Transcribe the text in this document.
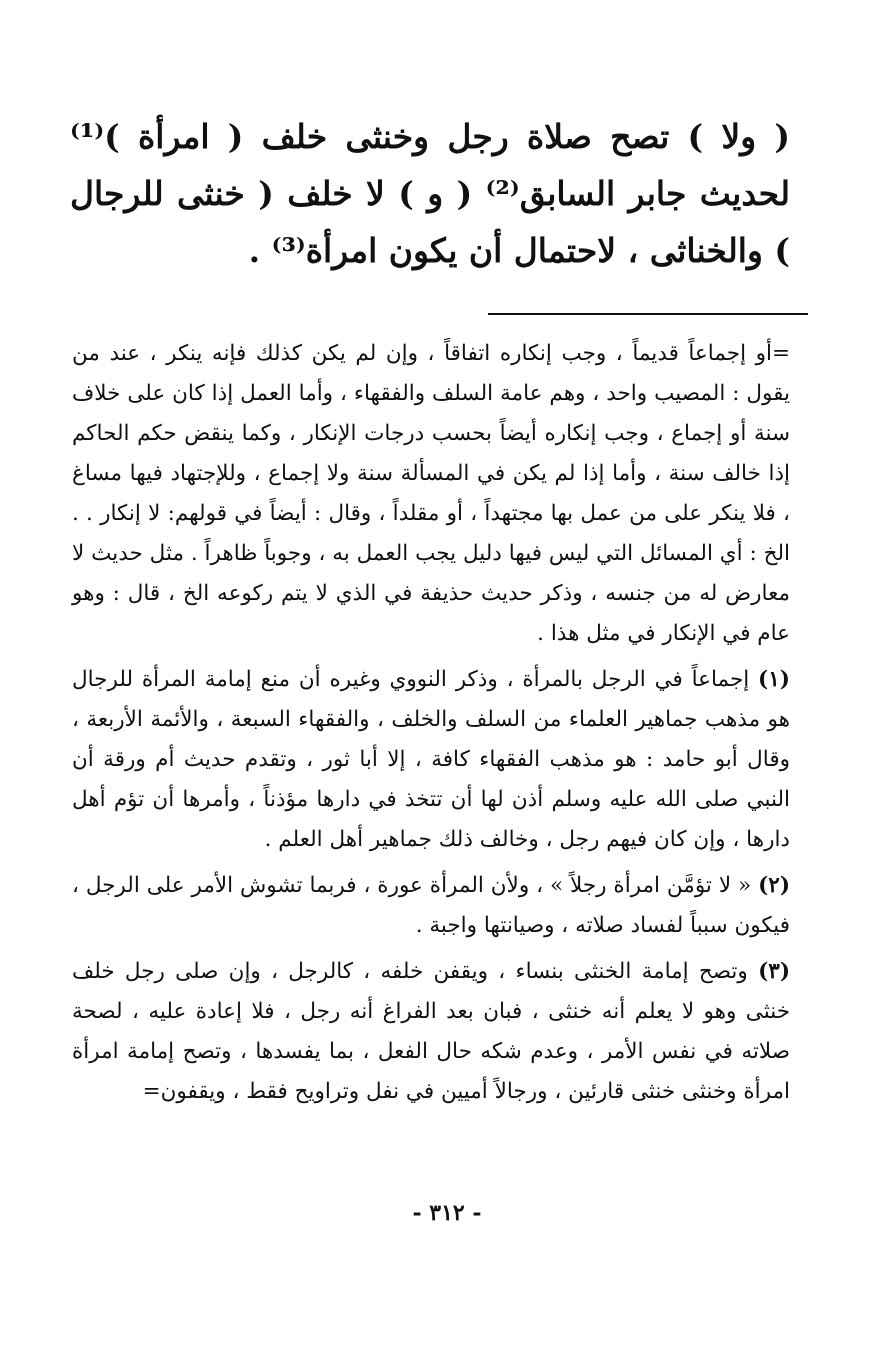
( ولا ) تصح صلاة رجل وخنثى خلف ( امرأة )⁽¹⁾ لحديث جابر السابق⁽²⁾ ( و ) لا خلف ( خنثى للرجال ) والخناثى ، لاحتمال أن يكون امرأة⁽³⁾ .

=أو إجماعاً قديماً ، وجب إنكاره اتفاقاً ، وإن لم يكن كذلك فإنه ينكر ، عند من يقول : المصيب واحد ، وهم عامة السلف والفقهاء ، وأما العمل إذا كان على خلاف سنة أو إجماع ، وجب إنكاره أيضاً بحسب درجات الإنكار ، وكما ينقض حكم الحاكم إذا خالف سنة ، وأما إذا لم يكن في المسألة سنة ولا إجماع ، وللإجتهاد فيها مساغ ، فلا ينكر على من عمل بها مجتهداً ، أو مقلداً ، وقال : أيضاً في قولهم: لا إنكار . . الخ : أي المسائل التي ليس فيها دليل يجب العمل به ، وجوباً ظاهراً . مثل حديث لا معارض له من جنسه ، وذكر حديث حذيفة في الذي لا يتم ركوعه الخ ، قال : وهو عام في الإنكار في مثل هذا .

(١) إجماعاً في الرجل بالمرأة ، وذكر النووي وغيره أن منع إمامة المرأة للرجال هو مذهب جماهير العلماء من السلف والخلف ، والفقهاء السبعة ، والأئمة الأربعة ، وقال أبو حامد : هو مذهب الفقهاء كافة ، إلا أبا ثور ، وتقدم حديث أم ورقة أن النبي صلى الله عليه وسلم أذن لها أن تتخذ في دارها مؤذناً ، وأمرها أن تؤم أهل دارها ، وإن كان فيهم رجل ، وخالف ذلك جماهير أهل العلم .

(٢) « لا تؤمَّن امرأة رجلاً » ، ولأن المرأة عورة ، فربما تشوش الأمر على الرجل ، فيكون سبباً لفساد صلاته ، وصيانتها واجبة .

(٣) وتصح إمامة الخنثى بنساء ، ويقفن خلفه ، كالرجل ، وإن صلى رجل خلف خنثى وهو لا يعلم أنه خنثى ، فبان بعد الفراغ أنه رجل ، فلا إعادة عليه ، لصحة صلاته في نفس الأمر ، وعدم شكه حال الفعل ، بما يفسدها ، وتصح إمامة امرأة امرأة وخنثى خنثى قارئين ، ورجالاً أميين في نفل وتراويح فقط ، ويقفون=

- ٣١٢ -
